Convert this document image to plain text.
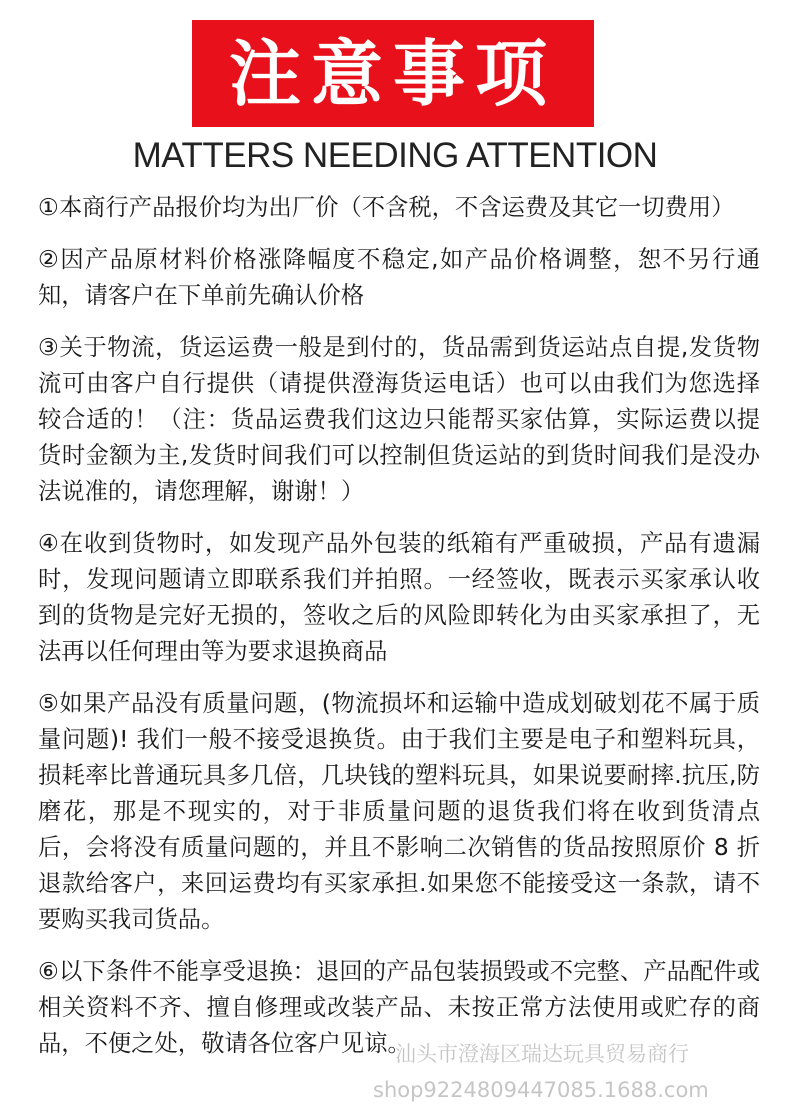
注意事项
MATTERS NEEDING ATTENTION

①本商行产品报价均为出厂价（不含税，不含运费及其它一切费用）

②因产品原材料价格涨降幅度不稳定,如产品价格调整，恕不另行通知，请客户在下单前先确认价格

③关于物流，货运运费一般是到付的，货品需到货运站点自提,发货物流可由客户自行提供（请提供澄海货运电话）也可以由我们为您选择较合适的！（注：货品运费我们这边只能帮买家估算，实际运费以提货时金额为主,发货时间我们可以控制但货运站的到货时间我们是没办法说准的，请您理解，谢谢！）

④在收到货物时，如发现产品外包装的纸箱有严重破损，产品有遗漏时，发现问题请立即联系我们并拍照。一经签收，既表示买家承认收到的货物是完好无损的，签收之后的风险即转化为由买家承担了，无法再以任何理由等为要求退换商品

⑤如果产品没有质量问题，(物流损坏和运输中造成划破划花不属于质量问题)! 我们一般不接受退换货。由于我们主要是电子和塑料玩具，损耗率比普通玩具多几倍，几块钱的塑料玩具，如果说要耐摔.抗压,防磨花，那是不现实的，对于非质量问题的退货我们将在收到货清点后，会将没有质量问题的，并且不影响二次销售的货品按照原价 8 折退款给客户，来回运费均有买家承担.如果您不能接受这一条款，请不要购买我司货品。

⑥以下条件不能享受退换：退回的产品包装损毁或不完整、产品配件或相关资料不齐、擅自修理或改装产品、未按正常方法使用或贮存的商品，不便之处，敬请各位客户见谅。

汕头市澄海区瑞达玩具贸易商行
shop9224809447085.1688.com
